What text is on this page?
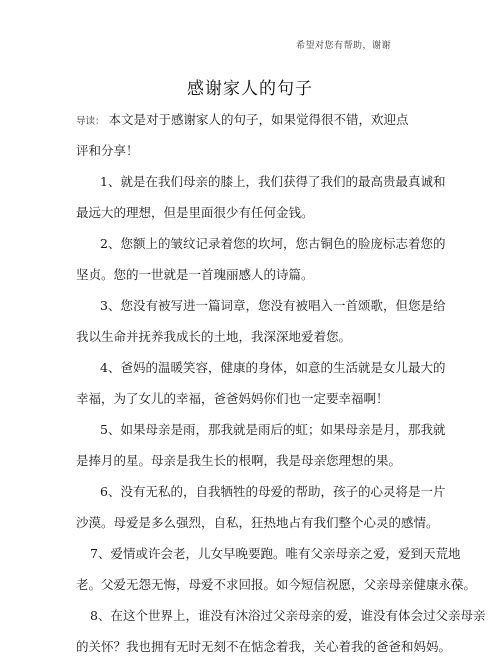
希望对您有帮助，谢谢
感谢家人的句子
导读： 本文是对于感谢家人的句子，如果觉得很不错，欢迎点
评和分享！
1、就是在我们母亲的膝上，我们获得了我们的最高贵最真诚和
最远大的理想，但是里面很少有任何金钱。
2、您额上的皱纹记录着您的坎坷，您古铜色的脸庞标志着您的
坚贞。您的一世就是一首瑰丽感人的诗篇。
3、您没有被写进一篇词章，您没有被唱入一首颂歌，但您是给
我以生命并抚养我成长的土地，我深深地爱着您。
4、爸妈的温暖笑容，健康的身体，如意的生活就是女儿最大的
幸福，为了女儿的幸福，爸爸妈妈你们也一定要幸福啊！
5、如果母亲是雨，那我就是雨后的虹；如果母亲是月，那我就
是捧月的星。母亲是我生长的根啊，我是母亲您理想的果。
6、没有无私的，自我牺牲的母爱的帮助，孩子的心灵将是一片
沙漠。母爱是多么强烈，自私，狂热地占有我们整个心灵的感情。
7、爱情或许会老，儿女早晚要跑。唯有父亲母亲之爱，爱到天荒地
老。父爱无怨无悔，母爱不求回报。如今短信祝愿，父亲母亲健康永葆。
8、在这个世界上，谁没有沐浴过父亲母亲的爱，谁没有体会过父亲母亲
的关怀？我也拥有无时无刻不在惦念着我，关心着我的爸爸和妈妈。
